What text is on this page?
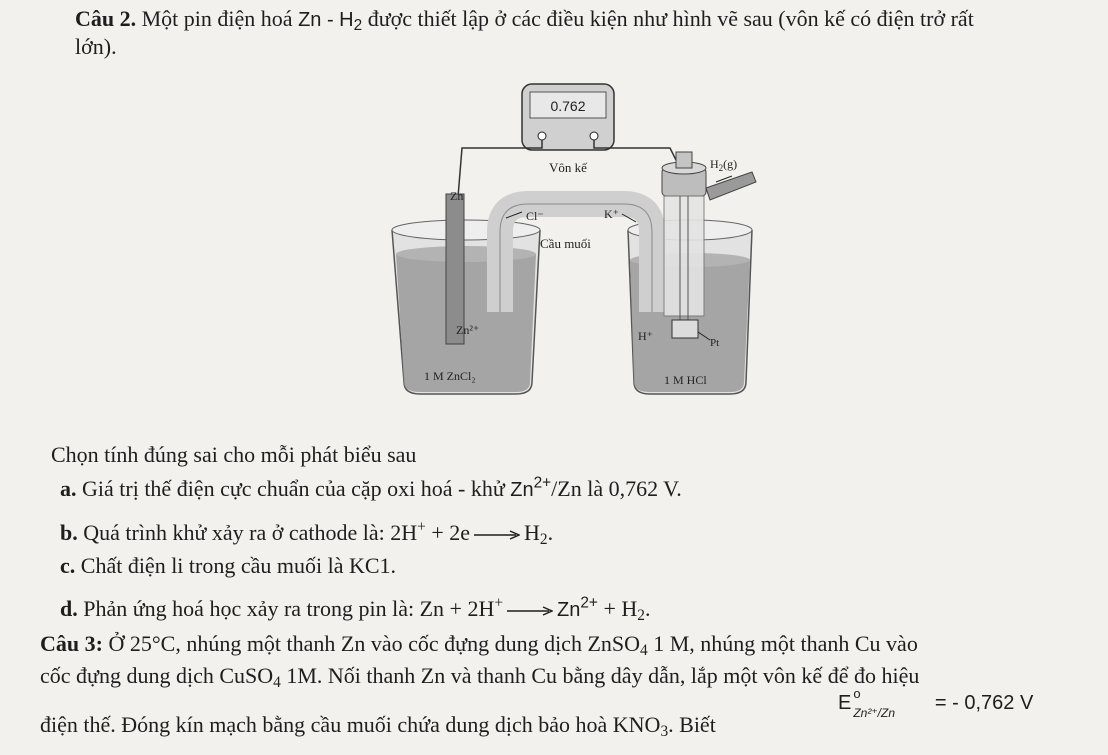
Câu 2. Một pin điện hoá Zn - $H_2$ được thiết lập ở các điều kiện như hình vẽ sau (vôn kế có điện trở rất
lớn).
0.762
Vôn kế
Zn
Cl⁻	K⁺
Cầu muối
$H_2(g)$
Zn²⁺	H⁺	Pt
1 M ZnCl₂	1 M HCl
Chọn tính đúng sai cho mỗi phát biểu sau
a. Giá trị thế điện cực chuẩn của cặp oxi hoá - khử $Zn^{2+}/Zn$ là 0,762 V.
b. Quá trình khử xảy ra ở cathode là: $2H^+ + 2e \to H_2$.
c. Chất điện li trong cầu muối là KC1.
d. Phản ứng hoá học xảy ra trong pin là: $Zn + 2H^+ \to Zn^{2+} + H_2$.
Câu 3: Ở 25°C, nhúng một thanh Zn vào cốc đựng dung dịch ZnSO$_4$ 1 M, nhúng một thanh Cu vào
cốc đựng dung dịch CuSO$_4$ 1M. Nối thanh Zn và thanh Cu bằng dây dẫn, lắp một vôn kế để đo hiệu
điện thế. Đóng kín mạch bằng cầu muối chứa dung dịch bảo hoà $KNO_3$. Biết
E o
Zn²⁺/Zn = - 0,762 V
